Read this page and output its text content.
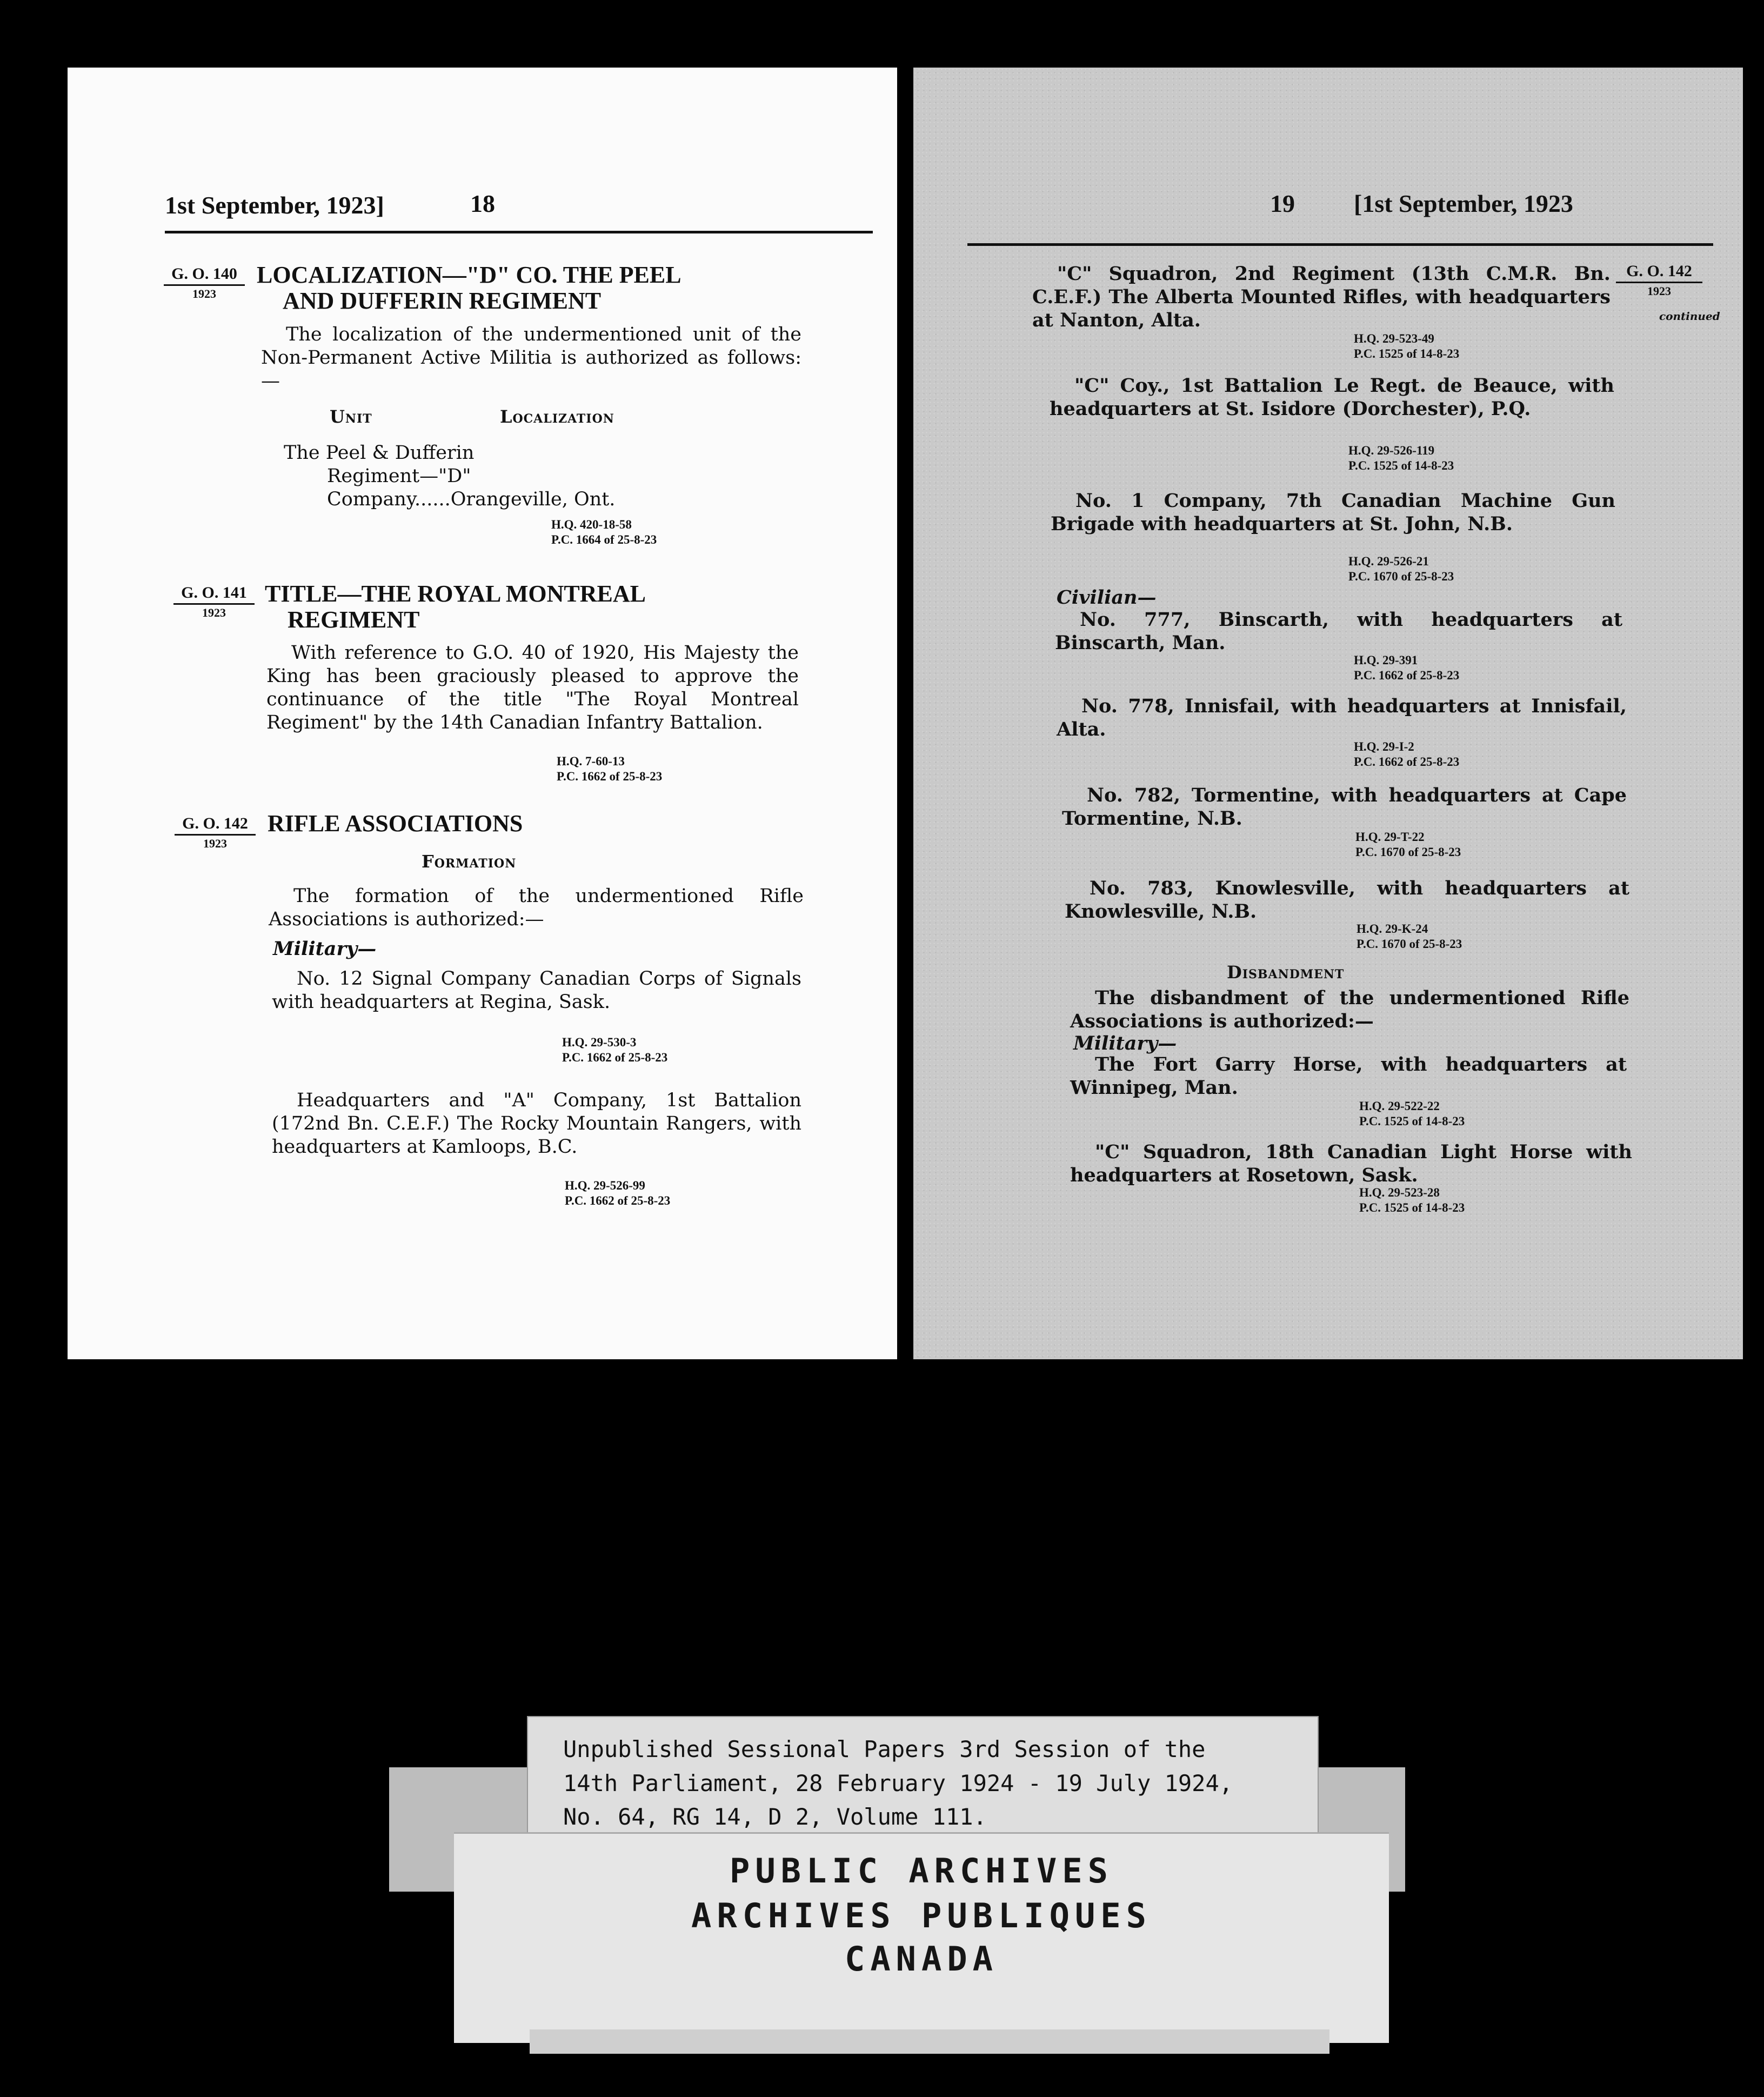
1st September, 1923]	18
G. O. 140
1923
LOCALIZATION—"D" CO. THE PEEL
AND DUFFERIN REGIMENT
The localization of the undermentioned unit of the Non-Permanent Active Militia is authorized as follows:—
Unit	Localization
The Peel & Dufferin
Regiment—"D"
Company......Orangeville, Ont.
H.Q. 420-18-58
P.C. 1664 of 25-8-23
G. O. 141
1923
TITLE—THE ROYAL MONTREAL
REGIMENT
With reference to G.O. 40 of 1920, His Majesty the King has been graciously pleased to approve the continuance of the title "The Royal Montreal Regiment" by the 14th Canadian Infantry Battalion.
H.Q. 7-60-13
P.C. 1662 of 25-8-23
G. O. 142
1923
RIFLE ASSOCIATIONS
Formation
The formation of the undermentioned Rifle Associations is authorized:—
Military—
No. 12 Signal Company Canadian Corps of Signals with headquarters at Regina, Sask.
H.Q. 29-530-3
P.C. 1662 of 25-8-23
Headquarters and "A" Company, 1st Battalion (172nd Bn. C.E.F.) The Rocky Mountain Rangers, with headquarters at Kamloops, B.C.
H.Q. 29-526-99
P.C. 1662 of 25-8-23
19 [1st September, 1923
G. O. 142
1923
continued
"C" Squadron, 2nd Regiment (13th C.M.R. Bn. C.E.F.) The Alberta Mounted Rifles, with headquarters at Nanton, Alta.
H.Q. 29-523-49
P.C. 1525 of 14-8-23
"C" Coy., 1st Battalion Le Regt. de Beauce, with headquarters at St. Isidore (Dorchester), P.Q.
H.Q. 29-526-119
P.C. 1525 of 14-8-23
No. 1 Company, 7th Canadian Machine Gun Brigade with headquarters at St. John, N.B.
H.Q. 29-526-21
P.C. 1670 of 25-8-23
Civilian—
No. 777, Binscarth, with headquarters at Binscarth, Man.
H.Q. 29-391
P.C. 1662 of 25-8-23
No. 778, Innisfail, with headquarters at Innisfail, Alta.
H.Q. 29-I-2
P.C. 1662 of 25-8-23
No. 782, Tormentine, with headquarters at Cape Tormentine, N.B.
H.Q. 29-T-22
P.C. 1670 of 25-8-23
No. 783, Knowlesville, with headquarters at Knowlesville, N.B.
H.Q. 29-K-24
P.C. 1670 of 25-8-23
Disbandment
The disbandment of the undermentioned Rifle Associations is authorized:—
Military—
The Fort Garry Horse, with headquarters at Winnipeg, Man.
H.Q. 29-522-22
P.C. 1525 of 14-8-23
"C" Squadron, 18th Canadian Light Horse with headquarters at Rosetown, Sask.
H.Q. 29-523-28
P.C. 1525 of 14-8-23
Unpublished Sessional Papers 3rd Session of the
14th Parliament, 28 February 1924 - 19 July 1924,
No. 64, RG 14, D 2, Volume 111.
PUBLIC ARCHIVES
ARCHIVES PUBLIQUES
CANADA
